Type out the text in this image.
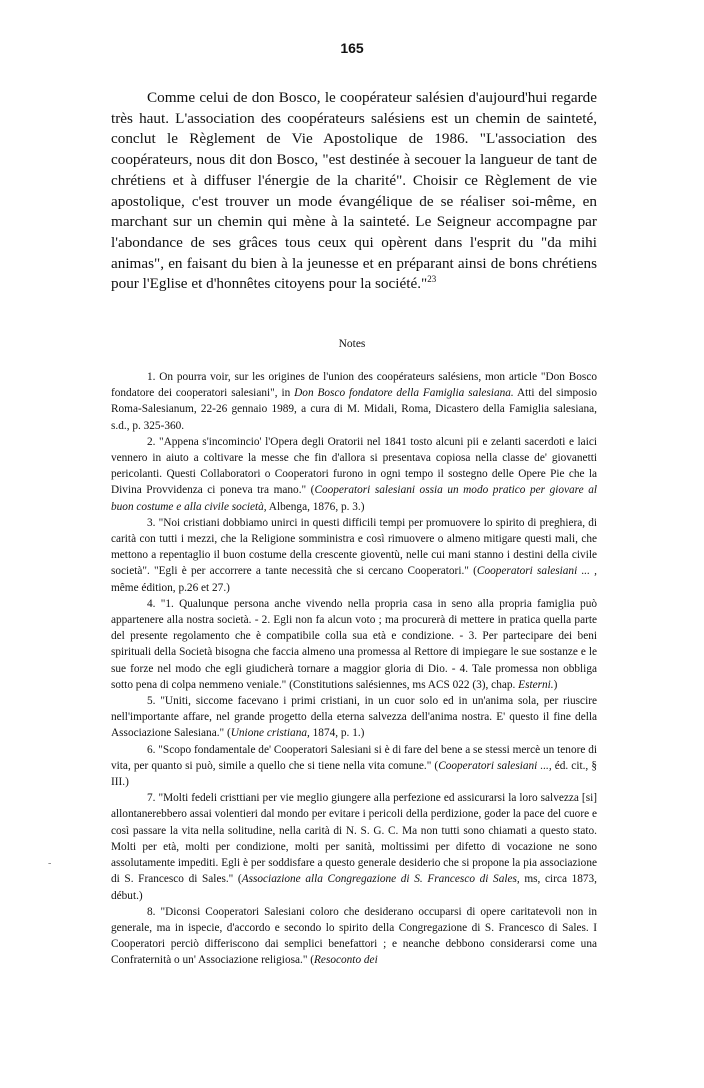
165

Comme celui de don Bosco, le coopérateur salésien d'aujourd'hui regarde très haut. L'association des coopérateurs salésiens est un chemin de sainteté, conclut le Règlement de Vie Apostolique de 1986. "L'association des coopérateurs, nous dit don Bosco, "est destinée à secouer la langueur de tant de chrétiens et à diffuser l'énergie de la charité". Choisir ce Règlement de vie apostolique, c'est trouver un mode évangélique de se réaliser soi-même, en marchant sur un chemin qui mène à la sainteté. Le Seigneur accompagne par l'abondance de ses grâces tous ceux qui opèrent dans l'esprit du "da mihi animas", en faisant du bien à la jeunesse et en préparant ainsi de bons chrétiens pour l'Eglise et d'honnêtes citoyens pour la société."$^{23}$

Notes
1. On pourra voir, sur les origines de l'union des coopérateurs salésiens, mon article "Don Bosco fondatore dei cooperatori salesiani", in Don Bosco fondatore della Famiglia salesiana. Atti del simposio Roma-Salesianum, 22-26 gennaio 1989, a cura di M. Midali, Roma, Dicastero della Famiglia salesiana, s.d., p. 325-360.
2. "Appena s'incomincio' l'Opera degli Oratorii nel 1841 tosto alcuni pii e zelanti sacerdoti e laici vennero in aiuto a coltivare la messe che fin d'allora si presentava copiosa nella classe de' giovanetti pericolanti. Questi Collaboratori o Cooperatori furono in ogni tempo il sostegno delle Opere Pie che la Divina Provvidenza ci poneva tra mano." (Cooperatori salesiani ossia un modo pratico per giovare al buon costume e alla civile società, Albenga, 1876, p. 3.)
3. "Noi cristiani dobbiamo unirci in questi difficili tempi per promuovere lo spirito di preghiera, di carità con tutti i mezzi, che la Religione somministra e così rimuovere o almeno mitigare questi mali, che mettono a repentaglio il buon costume della crescente gioventù, nelle cui mani stanno i destini della civile società". "Egli è per accorrere a tante necessità che si cercano Cooperatori." (Cooperatori salesiani ... , même édition, p.26 et 27.)
4. "1. Qualunque persona anche vivendo nella propria casa in seno alla propria famiglia può appartenere alla nostra società. - 2. Egli non fa alcun voto ; ma procurerà di mettere in pratica quella parte del presente regolamento che è compatibile colla sua età e condizione. - 3. Per partecipare dei beni spirituali della Società bisogna che faccia almeno una promessa al Rettore di impiegare le sue sostanze e le sue forze nel modo che egli giudicherà tornare a maggior gloria di Dio. - 4. Tale promessa non obbliga sotto pena di colpa nemmeno veniale." (Constitutions salésiennes, ms ACS 022 (3), chap. Esterni.)
5. "Uniti, siccome facevano i primi cristiani, in un cuor solo ed in un'anima sola, per riuscire nell'importante affare, nel grande progetto della eterna salvezza dell'anima nostra. E' questo il fine della Associazione Salesiana." (Unione cristiana, 1874, p. 1.)
6. "Scopo fondamentale de' Cooperatori Salesiani si è di fare del bene a se stessi mercè un tenore di vita, per quanto si può, simile a quello che si tiene nella vita comune." (Cooperatori salesiani ..., éd. cit., § III.)
7. "Molti fedeli cristtiani per vie meglio giungere alla perfezione ed assicurarsi la loro salvezza [si] allontanerebbero assai volentieri dal mondo per evitare i pericoli della perdizione, goder la pace del cuore e così passare la vita nella solitudine, nella carità di N. S. G. C. Ma non tutti sono chiamati a questo stato. Molti per età, molti per condizione, molti per sanità, moltissimi per difetto di vocazione ne sono assolutamente impediti. Egli è per soddisfare a questo generale desiderio che si propone la pia associazione di S. Francesco di Sales." (Associazione alla Congregazione di S. Francesco di Sales, ms, circa 1873, début.)
8. "Diconsi Cooperatori Salesiani coloro che desiderano occuparsi di opere caritatevoli non in generale, ma in ispecie, d'accordo e secondo lo spirito della Congregazione di S. Francesco di Sales. I Cooperatori perciò differiscono dai semplici benefattori ; e neanche debbono considerarsi come una Confraternità o un' Associazione religiosa." (Resoconto dei
-
